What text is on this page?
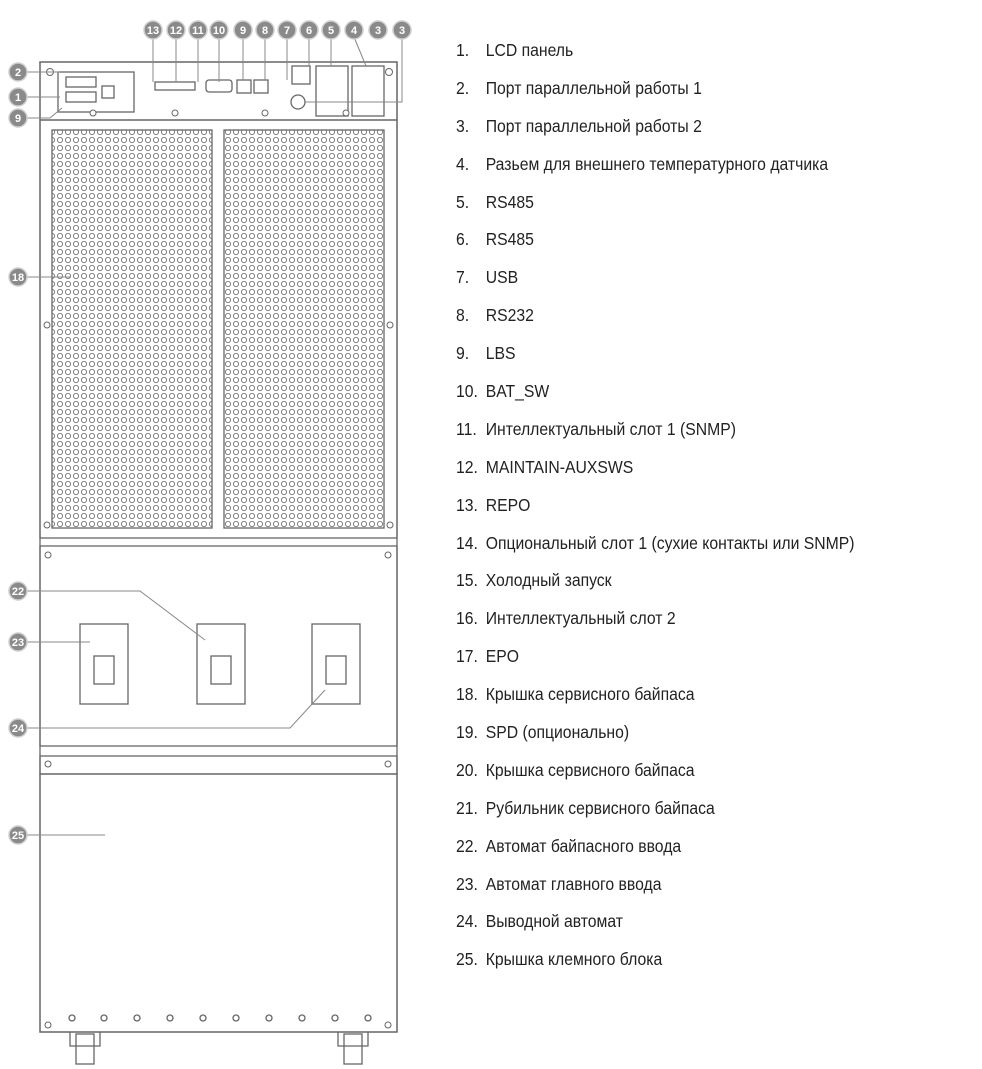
13 12 11 10 9 8 7 6 5 4 3 3
2
1
9
18
22
23
24
25
1. LCD панель
2. Порт параллельной работы 1
3. Порт параллельной работы 2
4. Разьем для внешнего температурного датчика
5. RS485
6. RS485
7. USB
8. RS232
9. LBS
10. BAT_SW
11. Интеллектуальный слот 1 (SNMP)
12. MAINTAIN-AUXSWS
13. REPO
14. Опциональный слот 1 (сухие контакты или SNMP)
15. Холодный запуск
16. Интеллектуальный слот 2
17. EPO
18. Крышка сервисного байпаса
19. SPD (опционально)
20. Крышка сервисного байпаса
21. Рубильник сервисного байпаса
22. Автомат байпасного ввода
23. Автомат главного ввода
24. Выводной автомат
25. Крышка клемного блока
